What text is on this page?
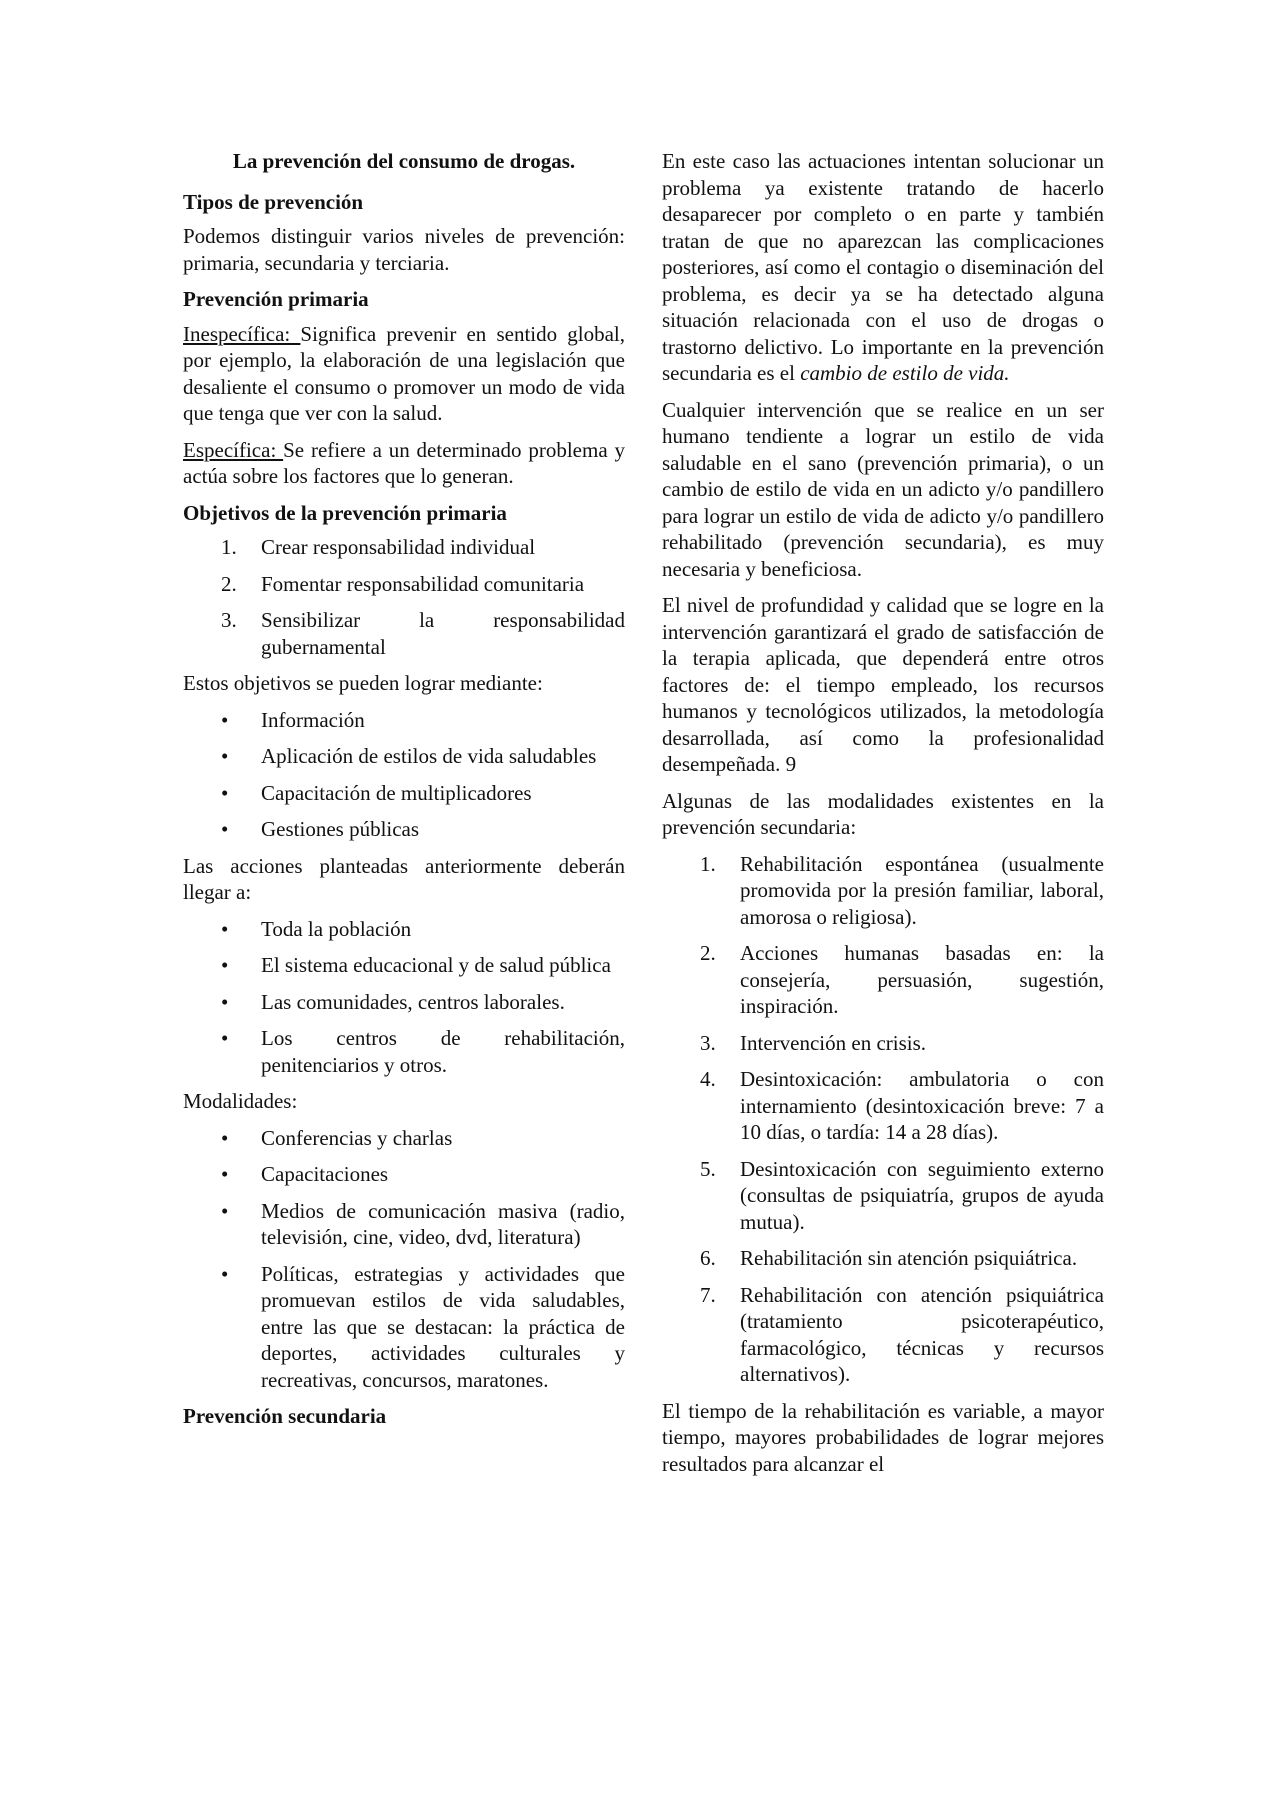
La prevención del consumo de drogas.

Tipos de prevención

Podemos distinguir varios niveles de prevención: primaria, secundaria y terciaria.

Prevención primaria

Inespecífica: Significa prevenir en sentido global, por ejemplo, la elaboración de una legislación que desaliente el consumo o promover un modo de vida que tenga que ver con la salud.

Específica: Se refiere a un determinado problema y actúa sobre los factores que lo generan.

Objetivos de la prevención primaria

1.	Crear responsabilidad individual
2.	Fomentar responsabilidad comunitaria
3.	Sensibilizar la responsabilidad gubernamental

Estos objetivos se pueden lograr mediante:

•	Información
•	Aplicación de estilos de vida saludables
•	Capacitación de multiplicadores
•	Gestiones públicas

Las acciones planteadas anteriormente deberán llegar a:

•	Toda la población
•	El sistema educacional y de salud pública
•	Las comunidades, centros laborales.
•	Los centros de rehabilitación, penitenciarios y otros.

Modalidades:

•	Conferencias y charlas
•	Capacitaciones
•	Medios de comunicación masiva (radio, televisión, cine, video, dvd, literatura)
•	Políticas, estrategias y actividades que promuevan estilos de vida saludables, entre las que se destacan: la práctica de deportes, actividades culturales y recreativas, concursos, maratones.

Prevención secundaria

En este caso las actuaciones intentan solucionar un problema ya existente tratando de hacerlo desaparecer por completo o en parte y también tratan de que no aparezcan las complicaciones posteriores, así como el contagio o diseminación del problema, es decir ya se ha detectado alguna situación relacionada con el uso de drogas o trastorno delictivo. Lo importante en la prevención secundaria es el cambio de estilo de vida.

Cualquier intervención que se realice en un ser humano tendiente a lograr un estilo de vida saludable en el sano (prevención primaria), o un cambio de estilo de vida en un adicto y/o pandillero para lograr un estilo de vida de adicto y/o pandillero rehabilitado (prevención secundaria), es muy necesaria y beneficiosa.

El nivel de profundidad y calidad que se logre en la intervención garantizará el grado de satisfacción de la terapia aplicada, que dependerá entre otros factores de: el tiempo empleado, los recursos humanos y tecnológicos utilizados, la metodología desarrollada, así como la profesionalidad desempeñada. 9

Algunas de las modalidades existentes en la prevención secundaria:

1.	Rehabilitación espontánea (usualmente promovida por la presión familiar, laboral, amorosa o religiosa).
2.	Acciones humanas basadas en: la consejería, persuasión, sugestión, inspiración.
3.	Intervención en crisis.
4.	Desintoxicación: ambulatoria o con internamiento (desintoxicación breve: 7 a 10 días, o tardía: 14 a 28 días).
5.	Desintoxicación con seguimiento externo (consultas de psiquiatría, grupos de ayuda mutua).
6.	Rehabilitación sin atención psiquiátrica.
7.	Rehabilitación con atención psiquiátrica (tratamiento psicoterapéutico, farmacológico, técnicas y recursos alternativos).

El tiempo de la rehabilitación es variable, a mayor tiempo, mayores probabilidades de lograr mejores resultados para alcanzar el
